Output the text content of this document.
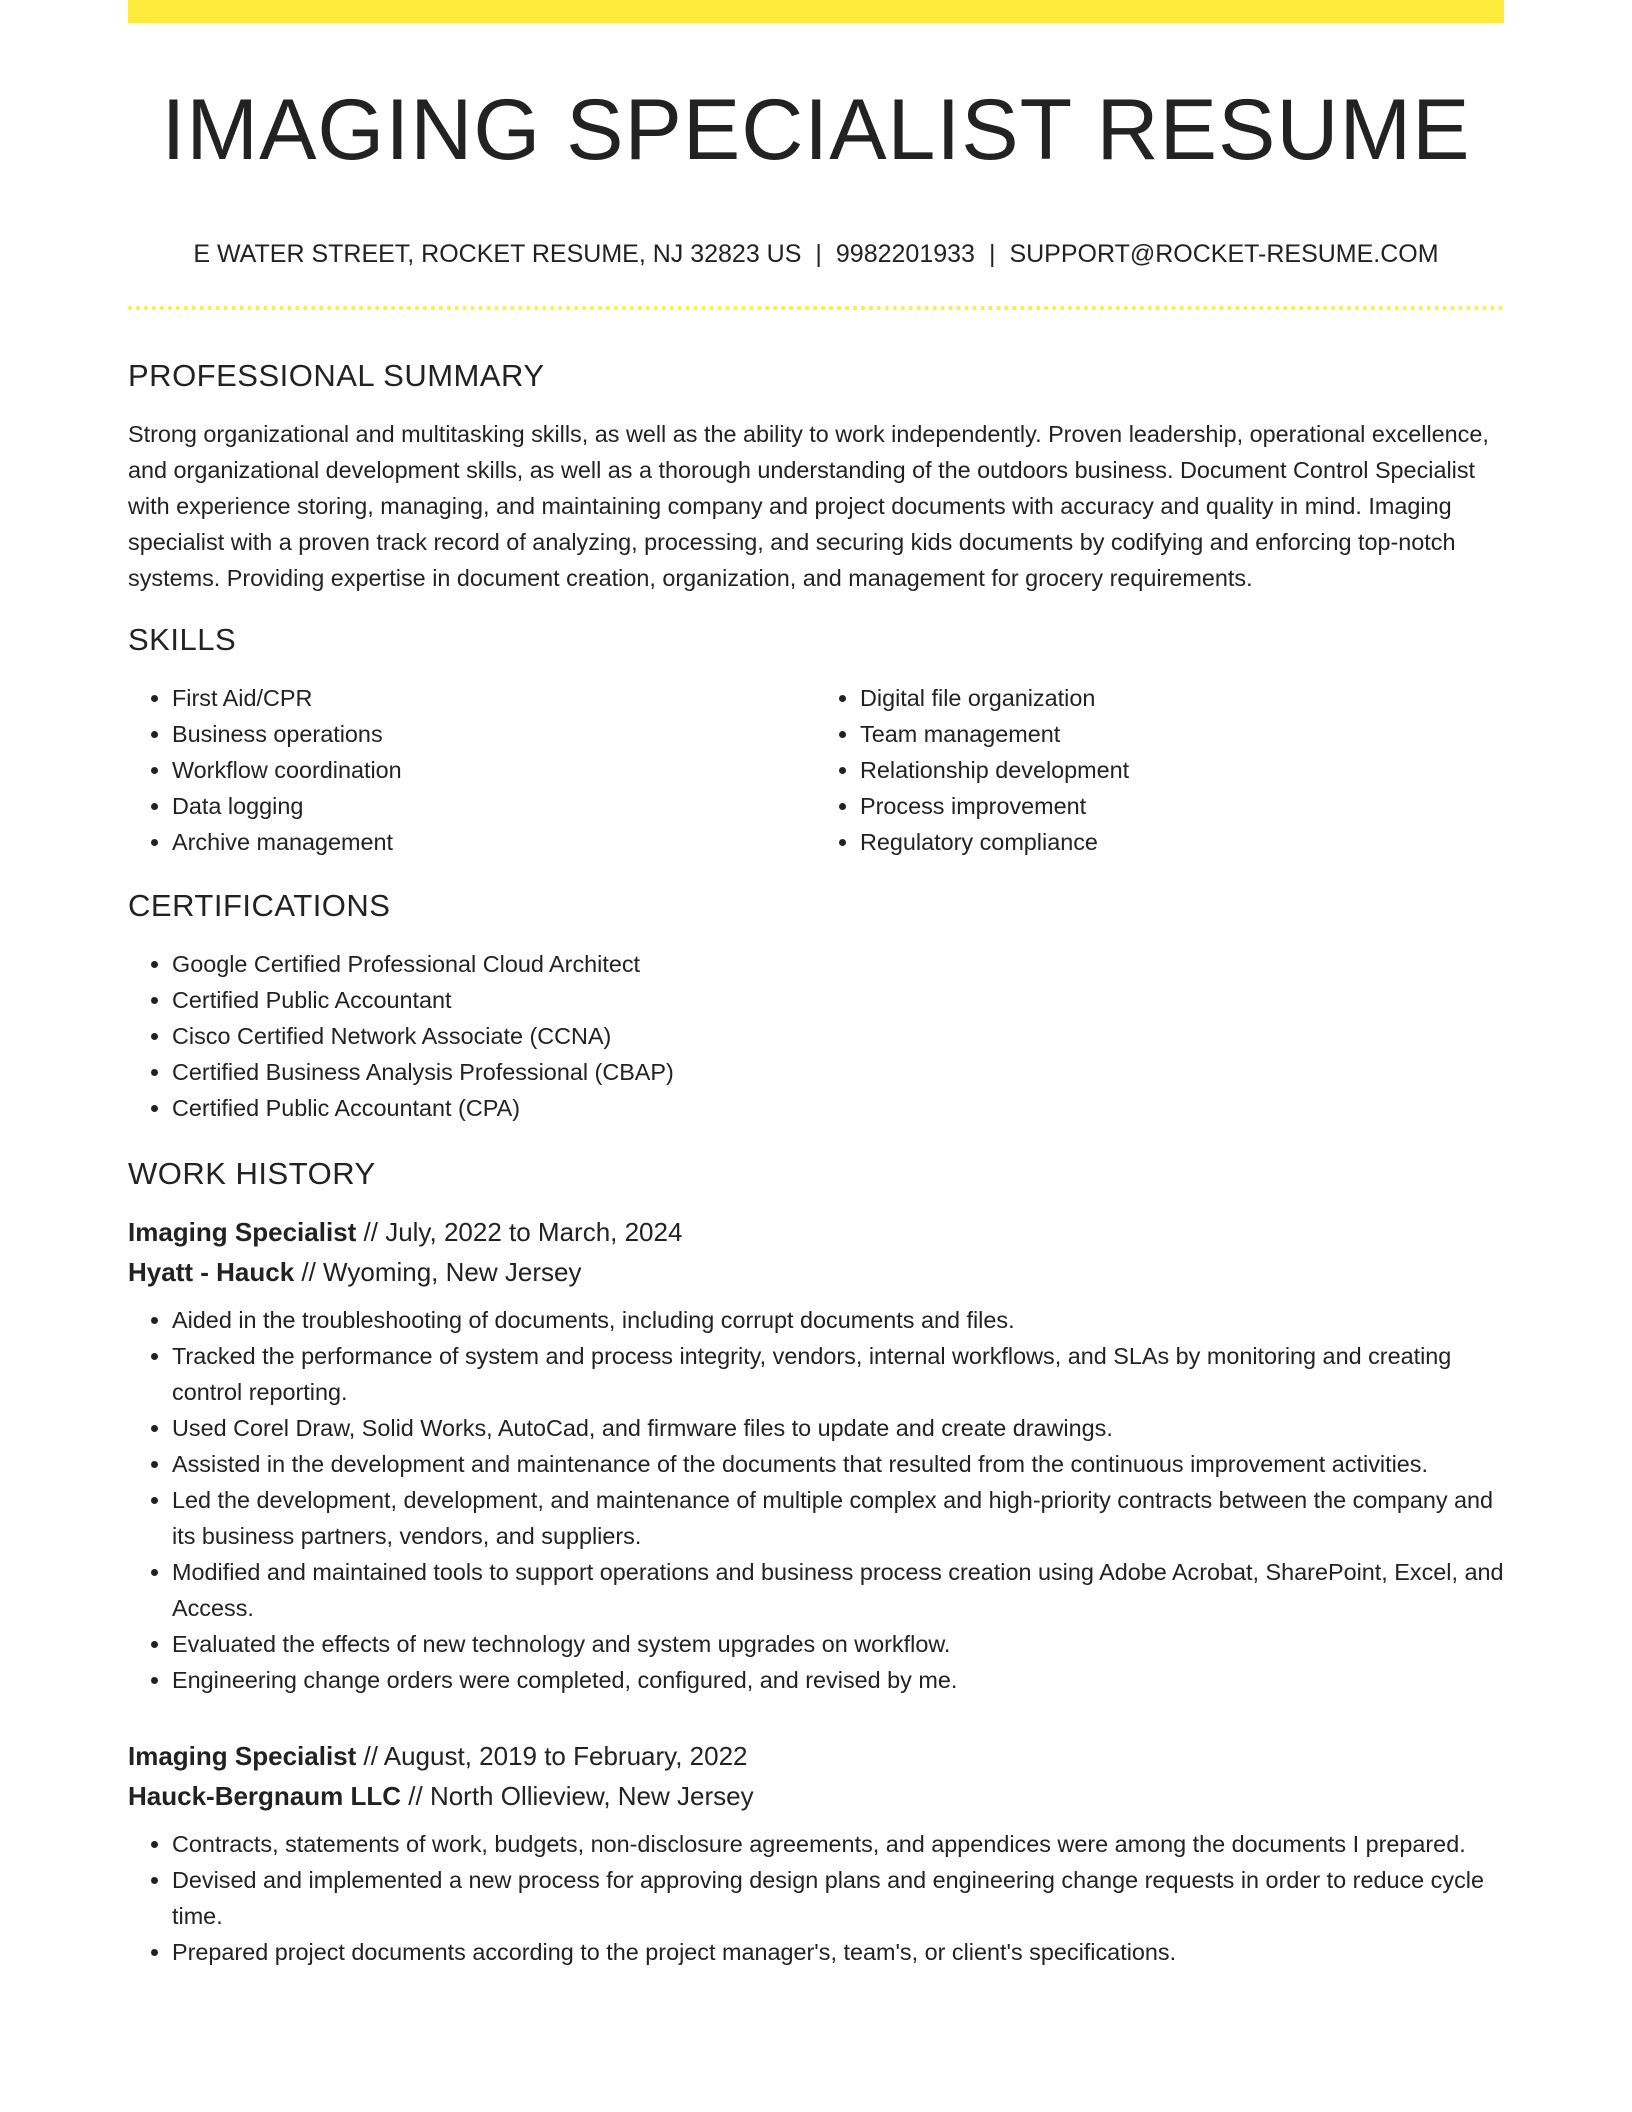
IMAGING SPECIALIST RESUME
E WATER STREET, ROCKET RESUME, NJ 32823 US | 9982201933 | SUPPORT@ROCKET-RESUME.COM
PROFESSIONAL SUMMARY

Strong organizational and multitasking skills, as well as the ability to work independently. Proven leadership, operational excellence, and organizational development skills, as well as a thorough understanding of the outdoors business. Document Control Specialist with experience storing, managing, and maintaining company and project documents with accuracy and quality in mind. Imaging specialist with a proven track record of analyzing, processing, and securing kids documents by codifying and enforcing top-notch systems. Providing expertise in document creation, organization, and management for grocery requirements.

SKILLS
• First Aid/CPR
• Business operations
• Workflow coordination
• Data logging
• Archive management
• Digital file organization
• Team management
• Relationship development
• Process improvement
• Regulatory compliance
CERTIFICATIONS
• Google Certified Professional Cloud Architect
• Certified Public Accountant
• Cisco Certified Network Associate (CCNA)
• Certified Business Analysis Professional (CBAP)
• Certified Public Accountant (CPA)
WORK HISTORY
Imaging Specialist // July, 2022 to March, 2024
Hyatt - Hauck // Wyoming, New Jersey
• Aided in the troubleshooting of documents, including corrupt documents and files.
• Tracked the performance of system and process integrity, vendors, internal workflows, and SLAs by monitoring and creating control reporting.
• Used Corel Draw, Solid Works, AutoCad, and firmware files to update and create drawings.
• Assisted in the development and maintenance of the documents that resulted from the continuous improvement activities.
• Led the development, development, and maintenance of multiple complex and high-priority contracts between the company and its business partners, vendors, and suppliers.
• Modified and maintained tools to support operations and business process creation using Adobe Acrobat, SharePoint, Excel, and Access.
• Evaluated the effects of new technology and system upgrades on workflow.
• Engineering change orders were completed, configured, and revised by me.
Imaging Specialist // August, 2019 to February, 2022
Hauck-Bergnaum LLC // North Ollieview, New Jersey
• Contracts, statements of work, budgets, non-disclosure agreements, and appendices were among the documents I prepared.
• Devised and implemented a new process for approving design plans and engineering change requests in order to reduce cycle time.
• Prepared project documents according to the project manager's, team's, or client's specifications.
